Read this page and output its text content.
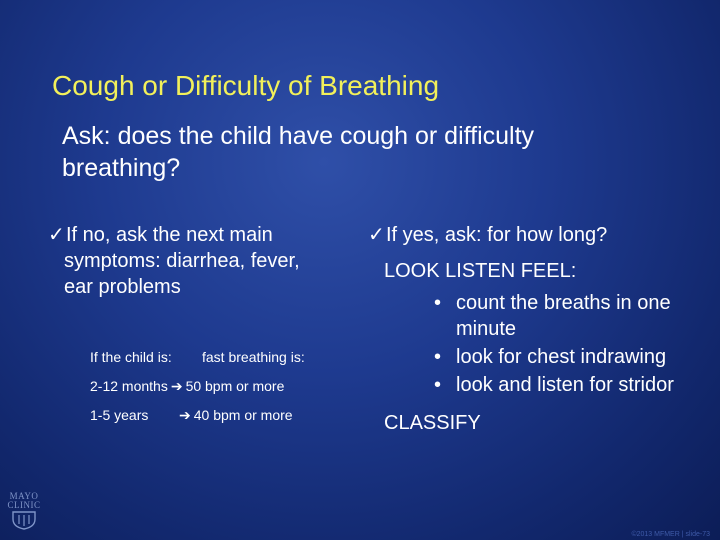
Cough or Difficulty of Breathing
Ask: does the child have cough or difficulty breathing?
✓If no, ask the next main
symptoms: diarrhea, fever,
ear problems
✓If yes, ask: for how long?
LOOK LISTEN FEEL:
• count the breaths in one minute
• look for chest indrawing
• look and listen for stridor
CLASSIFY
If the child is:	fast breathing is:
2-12 months ➔ 50 bpm or more
1-5 years	➔ 40 bpm or more
MAYO
CLINIC
©2013 MFMER | slide-73
